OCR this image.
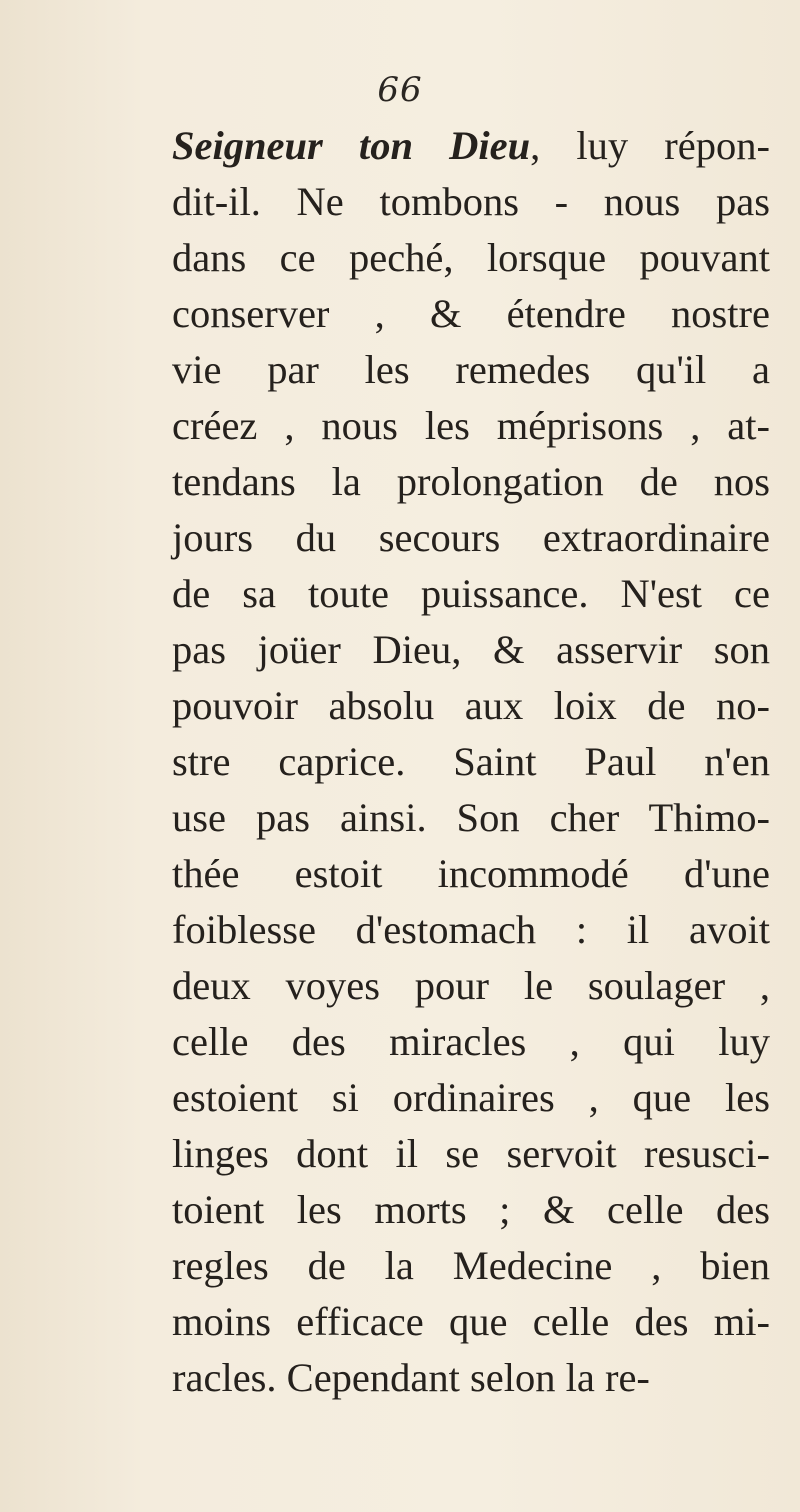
66
Seigneur ton Dieu, luy répon-
dit-il. Ne tombons - nous pas
dans ce peché, lorsque pouvant
conserver , & étendre nostre
vie par les remedes qu'il a
créez , nous les méprisons , at-
tendans la prolongation de nos
jours du secours extraordinaire
de sa toute puissance. N'est ce
pas joüer Dieu, & asservir son
pouvoir absolu aux loix de no-
stre caprice. Saint Paul n'en
use pas ainsi. Son cher Thimo-
thée estoit incommodé d'une
foiblesse d'estomach : il avoit
deux voyes pour le soulager ,
celle des miracles , qui luy
estoient si ordinaires , que les
linges dont il se servoit resusci-
toient les morts ; & celle des
regles de la Medecine , bien
moins efficace que celle des mi-
racles. Cependant selon la re-
